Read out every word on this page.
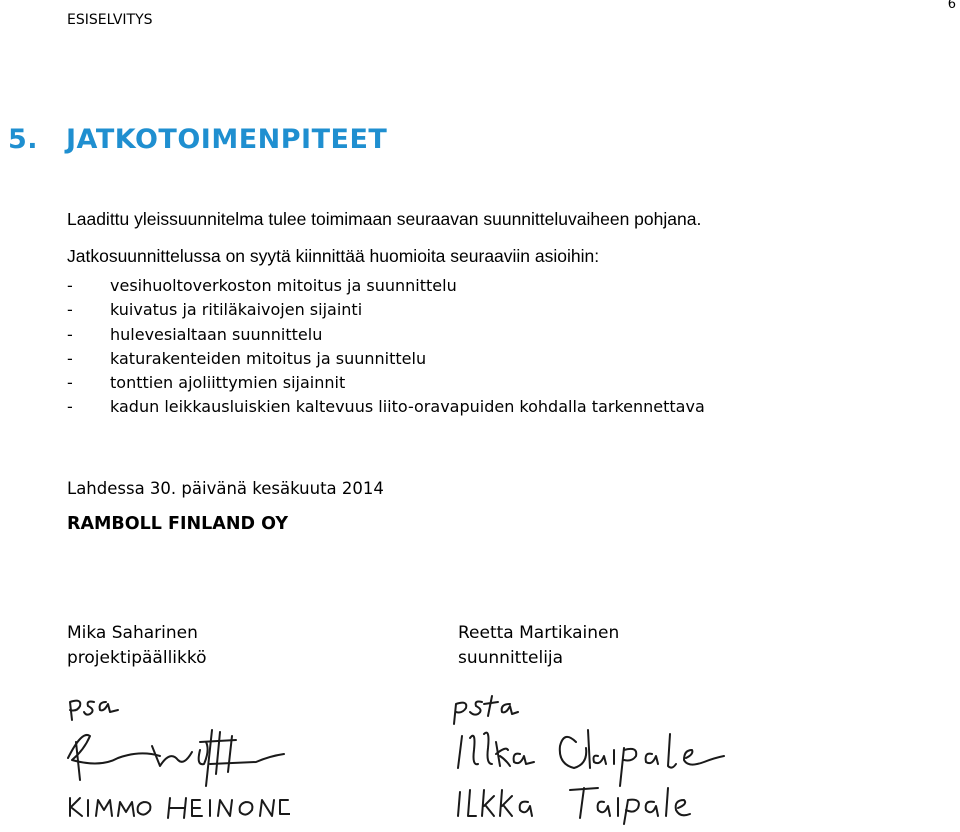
ESISELVITYS
6
5. JATKOTOIMENPITEET
Laadittu yleissuunnitelma tulee toimimaan seuraavan suunnitteluvaiheen pohjana.
Jatkosuunnittelussa on syytä kiinnittää huomioita seuraaviin asioihin:
- vesihuoltoverkoston mitoitus ja suunnittelu
- kuivatus ja ritiläkaivojen sijainti
- hulevesialtaan suunnittelu
- katurakenteiden mitoitus ja suunnittelu
- tonttien ajoliittymien sijainnit
- kadun leikkausluiskien kaltevuus liito-oravapuiden kohdalla tarkennettava
Lahdessa 30. päivänä kesäkuuta 2014
RAMBOLL FINLAND OY
Mika Saharinen
projektipäällikkö
Reetta Martikainen
suunnittelija
